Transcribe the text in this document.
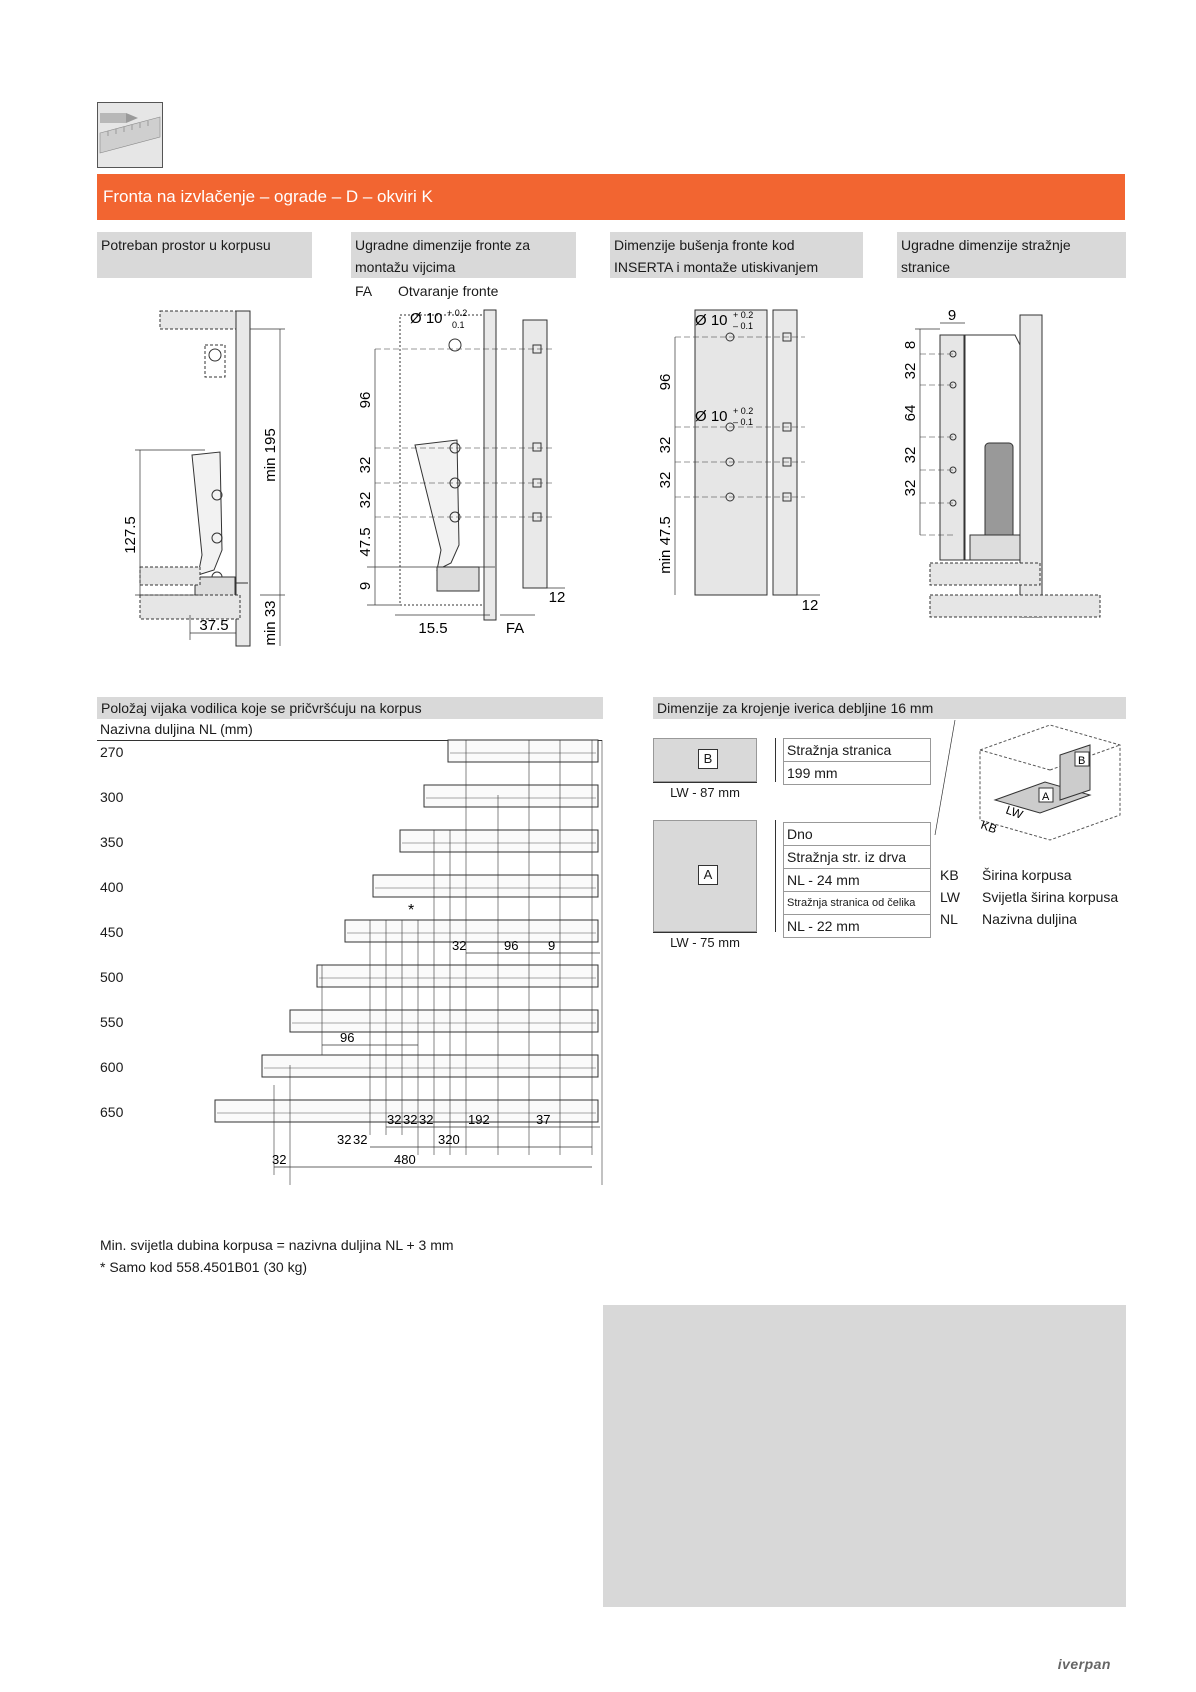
Fronta na izvlačenje – ograde – D – okviri K
Potreban prostor u korpusu	Ugradne dimenzije fronte za
montažu vijcima
FA Otvaranje fronte
Dimenzije bušenja fronte kod
INSERTA i montaže utiskivanjem
Ugradne dimenzije stražnje
stranice
127.5
min 195
min 33
37.5
Ø 10 + 0.2
0.1
96
32
32
47.5
9
15.5	FA
12
Ø 10 + 0.2
– 0.1
Ø 10 + 0.2
– 0.1
96
32
32
min 47.5
12
9
8
32
64
32
32
Položaj vijaka vodilica koje se pričvršćuju na korpus
Nazivna duljina NL (mm)
270
300
350
400
450
500
550
600
650
*
32	96 9
96
32 32 32	192	37
32 32	320
32	480
Min. svijetla dubina korpusa = nazivna duljina NL + 3 mm
* Samo kod 558.4501B01 (30 kg)
Dimenzije za krojenje iverica debljine 16 mm
B
LW - 87 mm
Stražnja stranica
199 mm
A
LW - 75 mm
Dno
Stražnja str. iz drva
NL - 24 mm
Stražnja stranica od čelika
NL - 22 mm
KB Širina korpusa
LW Svijetla širina korpusa
NL Nazivna duljina
B
A
LW
KB
iverpan
